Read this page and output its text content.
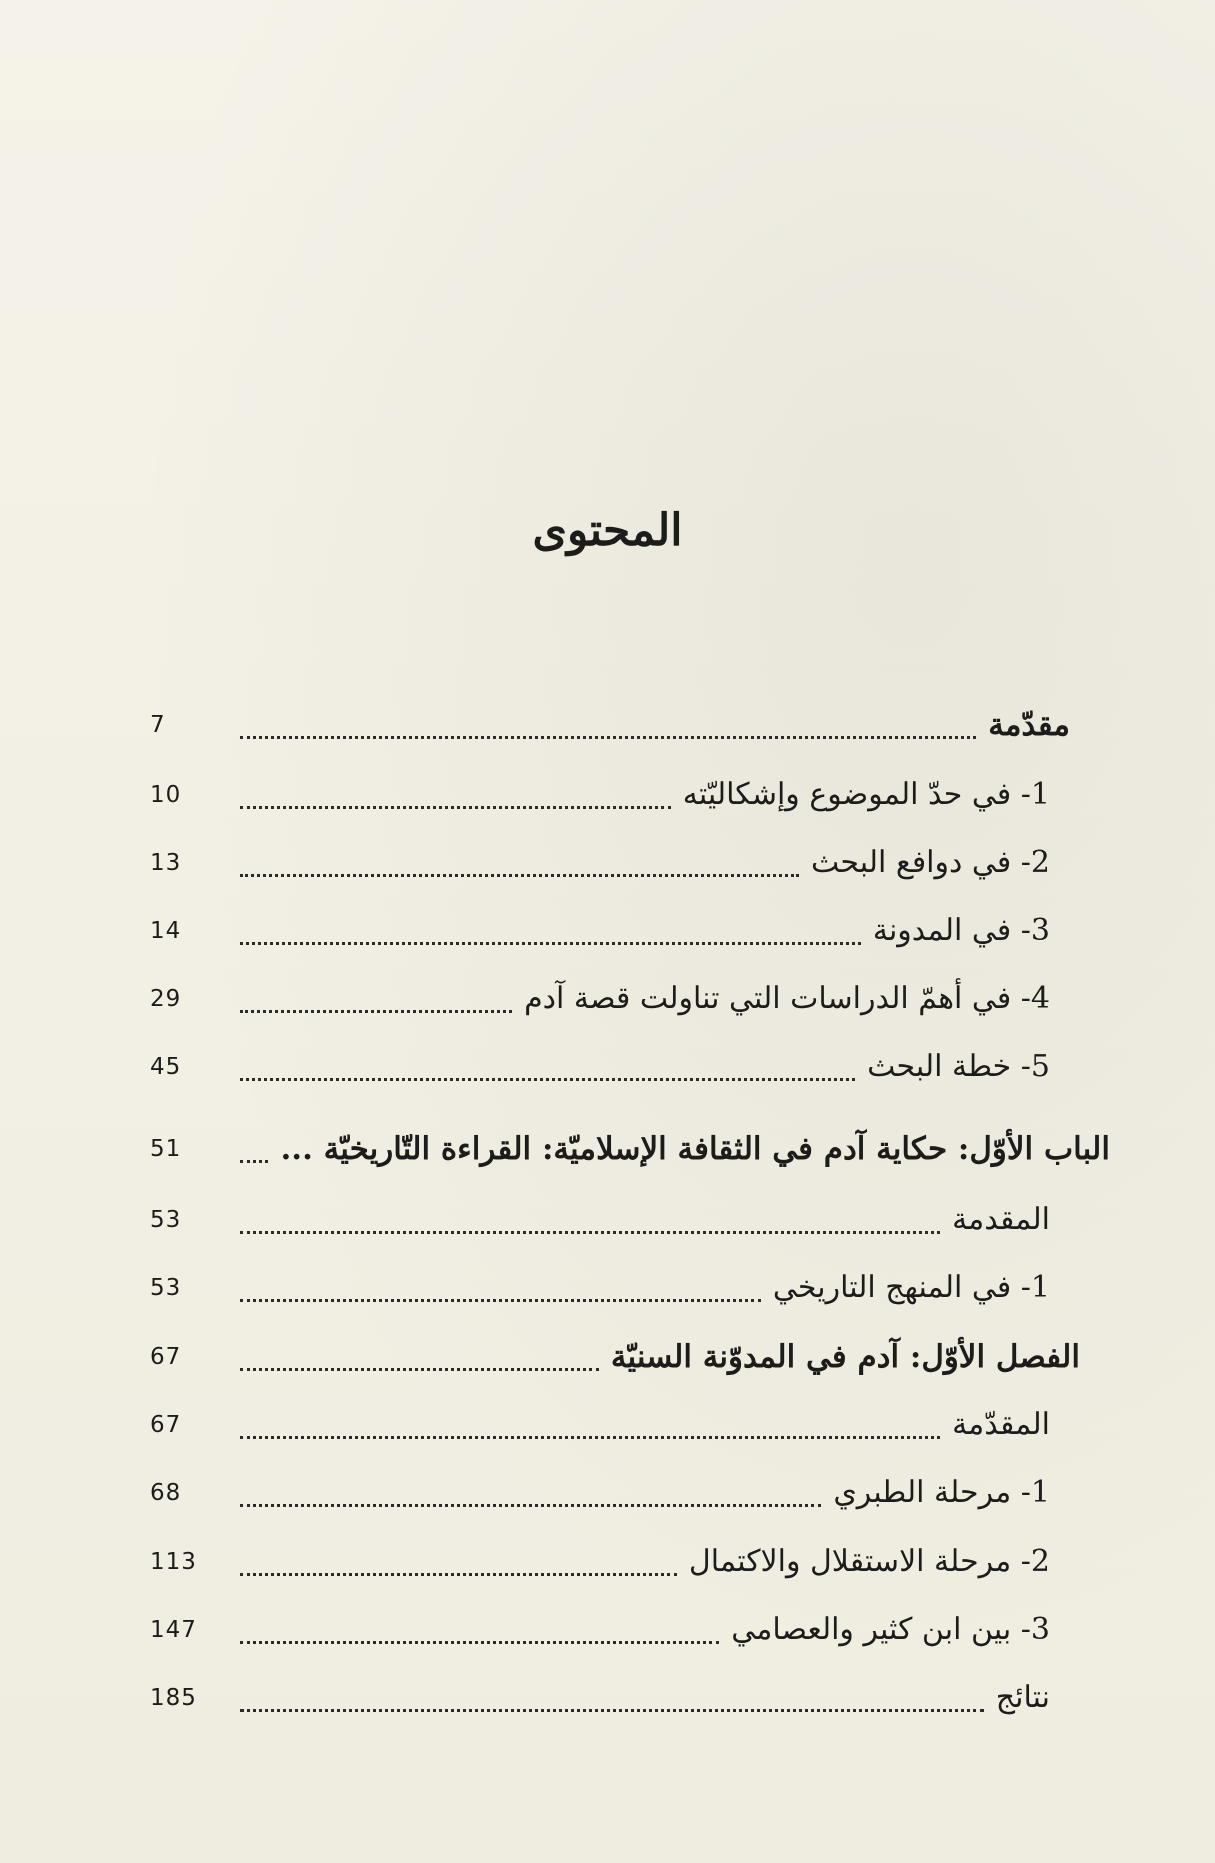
المحتوى
7	مقدّمة
10	1- في حدّ الموضوع وإشكاليّته
13	2- في دوافع البحث
14	3- في المدونة
29	4- في أهمّ الدراسات التي تناولت قصة آدم
45	5- خطة البحث
51	الباب الأوّل: حكاية آدم في الثقافة الإسلاميّة: القراءة التّاريخيّة ...
53	المقدمة
53	1- في المنهج التاريخي
67	الفصل الأوّل: آدم في المدوّنة السنيّة
67	المقدّمة
68	1- مرحلة الطبري
113	2- مرحلة الاستقلال والاكتمال
147	3- بين ابن كثير والعصامي
185	نتائج
